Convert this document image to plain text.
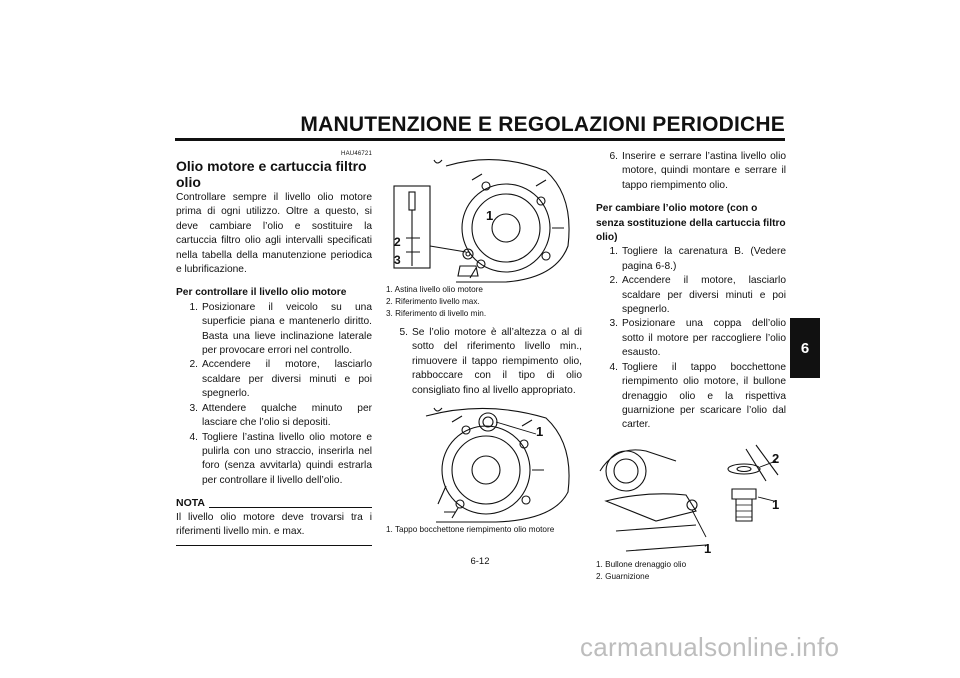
MANUTENZIONE E REGOLAZIONI PERIODICHE
6
HAU46721
Olio motore e cartuccia filtro olio
Controllare sempre il livello olio motore prima di ogni utilizzo. Oltre a questo, si deve cambiare l’olio e sostituire la cartuccia filtro olio agli intervalli specificati nella tabella della manutenzione periodica e lubrificazione.
Per controllare il livello olio motore
1. Posizionare il veicolo su una superficie piana e mantenerlo diritto. Basta una lieve inclinazione laterale per provocare errori nel controllo.
2. Accendere il motore, lasciarlo scaldare per diversi minuti e poi spegnerlo.
3. Attendere qualche minuto per lasciare che l’olio si depositi.
4. Togliere l’astina livello olio motore e pulirla con uno straccio, inserirla nel foro (senza avvitarla) quindi estrarla per controllare il livello dell’olio.
NOTA
Il livello olio motore deve trovarsi tra i riferimenti livello min. e max.
1
2
3
1. Astina livello olio motore
2. Riferimento livello max.
3. Riferimento di livello min.
5. Se l’olio motore è all’altezza o al di sotto del riferimento livello min., rimuovere il tappo riempimento olio, rabboccare con il tipo di olio consigliato fino al livello appropriato.
1
1. Tappo bocchettone riempimento olio motore
6. Inserire e serrare l’astina livello olio motore, quindi montare e serrare il tappo riempimento olio.
Per cambiare l’olio motore (con o senza sostituzione della cartuccia filtro olio)
1. Togliere la carenatura B. (Vedere pagina 6-8.)
2. Accendere il motore, lasciarlo scaldare per diversi minuti e poi spegnerlo.
3. Posizionare una coppa dell’olio sotto il motore per raccogliere l’olio esausto.
4. Togliere il tappo bocchettone riempimento olio motore, il bullone drenaggio olio e la rispettiva guarnizione per scaricare l’olio dal carter.
2
1
1
1. Bullone drenaggio olio
2. Guarnizione
6-12
carmanualsonline.info
